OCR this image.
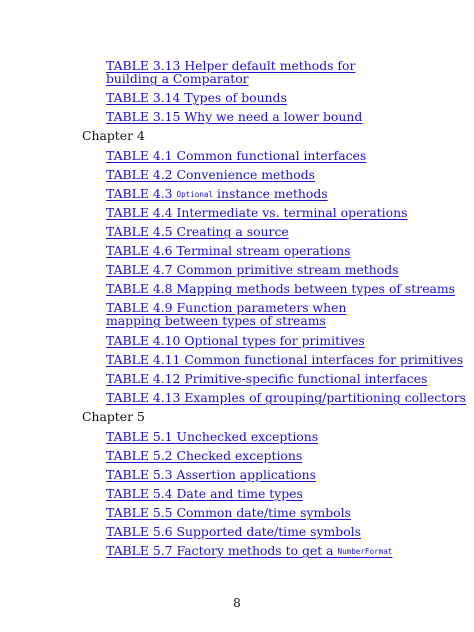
TABLE 3.13 Helper default methods for building a Comparator
TABLE 3.14 Types of bounds
TABLE 3.15 Why we need a lower bound
Chapter 4
TABLE 4.1 Common functional interfaces
TABLE 4.2 Convenience methods
TABLE 4.3 Optional instance methods
TABLE 4.4 Intermediate vs. terminal operations
TABLE 4.5 Creating a source
TABLE 4.6 Terminal stream operations
TABLE 4.7 Common primitive stream methods
TABLE 4.8 Mapping methods between types of streams
TABLE 4.9 Function parameters when mapping between types of streams
TABLE 4.10 Optional types for primitives
TABLE 4.11 Common functional interfaces for primitives
TABLE 4.12 Primitive-specific functional interfaces
TABLE 4.13 Examples of grouping/partitioning collectors
Chapter 5
TABLE 5.1 Unchecked exceptions
TABLE 5.2 Checked exceptions
TABLE 5.3 Assertion applications
TABLE 5.4 Date and time types
TABLE 5.5 Common date/time symbols
TABLE 5.6 Supported date/time symbols
TABLE 5.7 Factory methods to get a NumberFormat
8
